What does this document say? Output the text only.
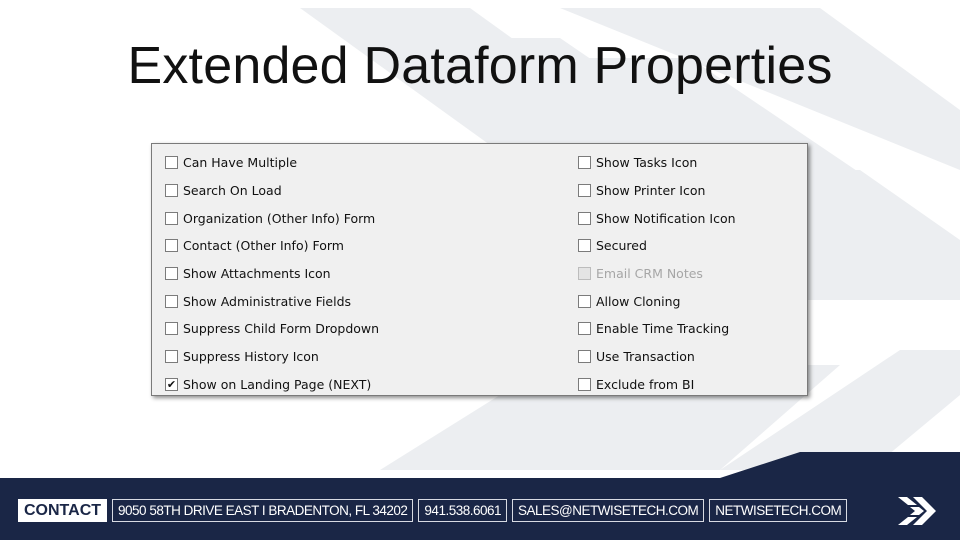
Extended Dataform Properties
Can Have Multiple
Search On Load
Organization (Other Info) Form
Contact (Other Info) Form
Show Attachments Icon
Show Administrative Fields
Suppress Child Form Dropdown
Suppress History Icon
✔ Show on Landing Page (NEXT)
Show Tasks Icon
Show Printer Icon
Show Notification Icon
Secured
Email CRM Notes
Allow Cloning
Enable Time Tracking
Use Transaction
Exclude from BI
CONTACT	9050 58TH DRIVE EAST I BRADENTON, FL 34202	941.538.6061	SALES@NETWISETECH.COM	NETWISETECH.COM
